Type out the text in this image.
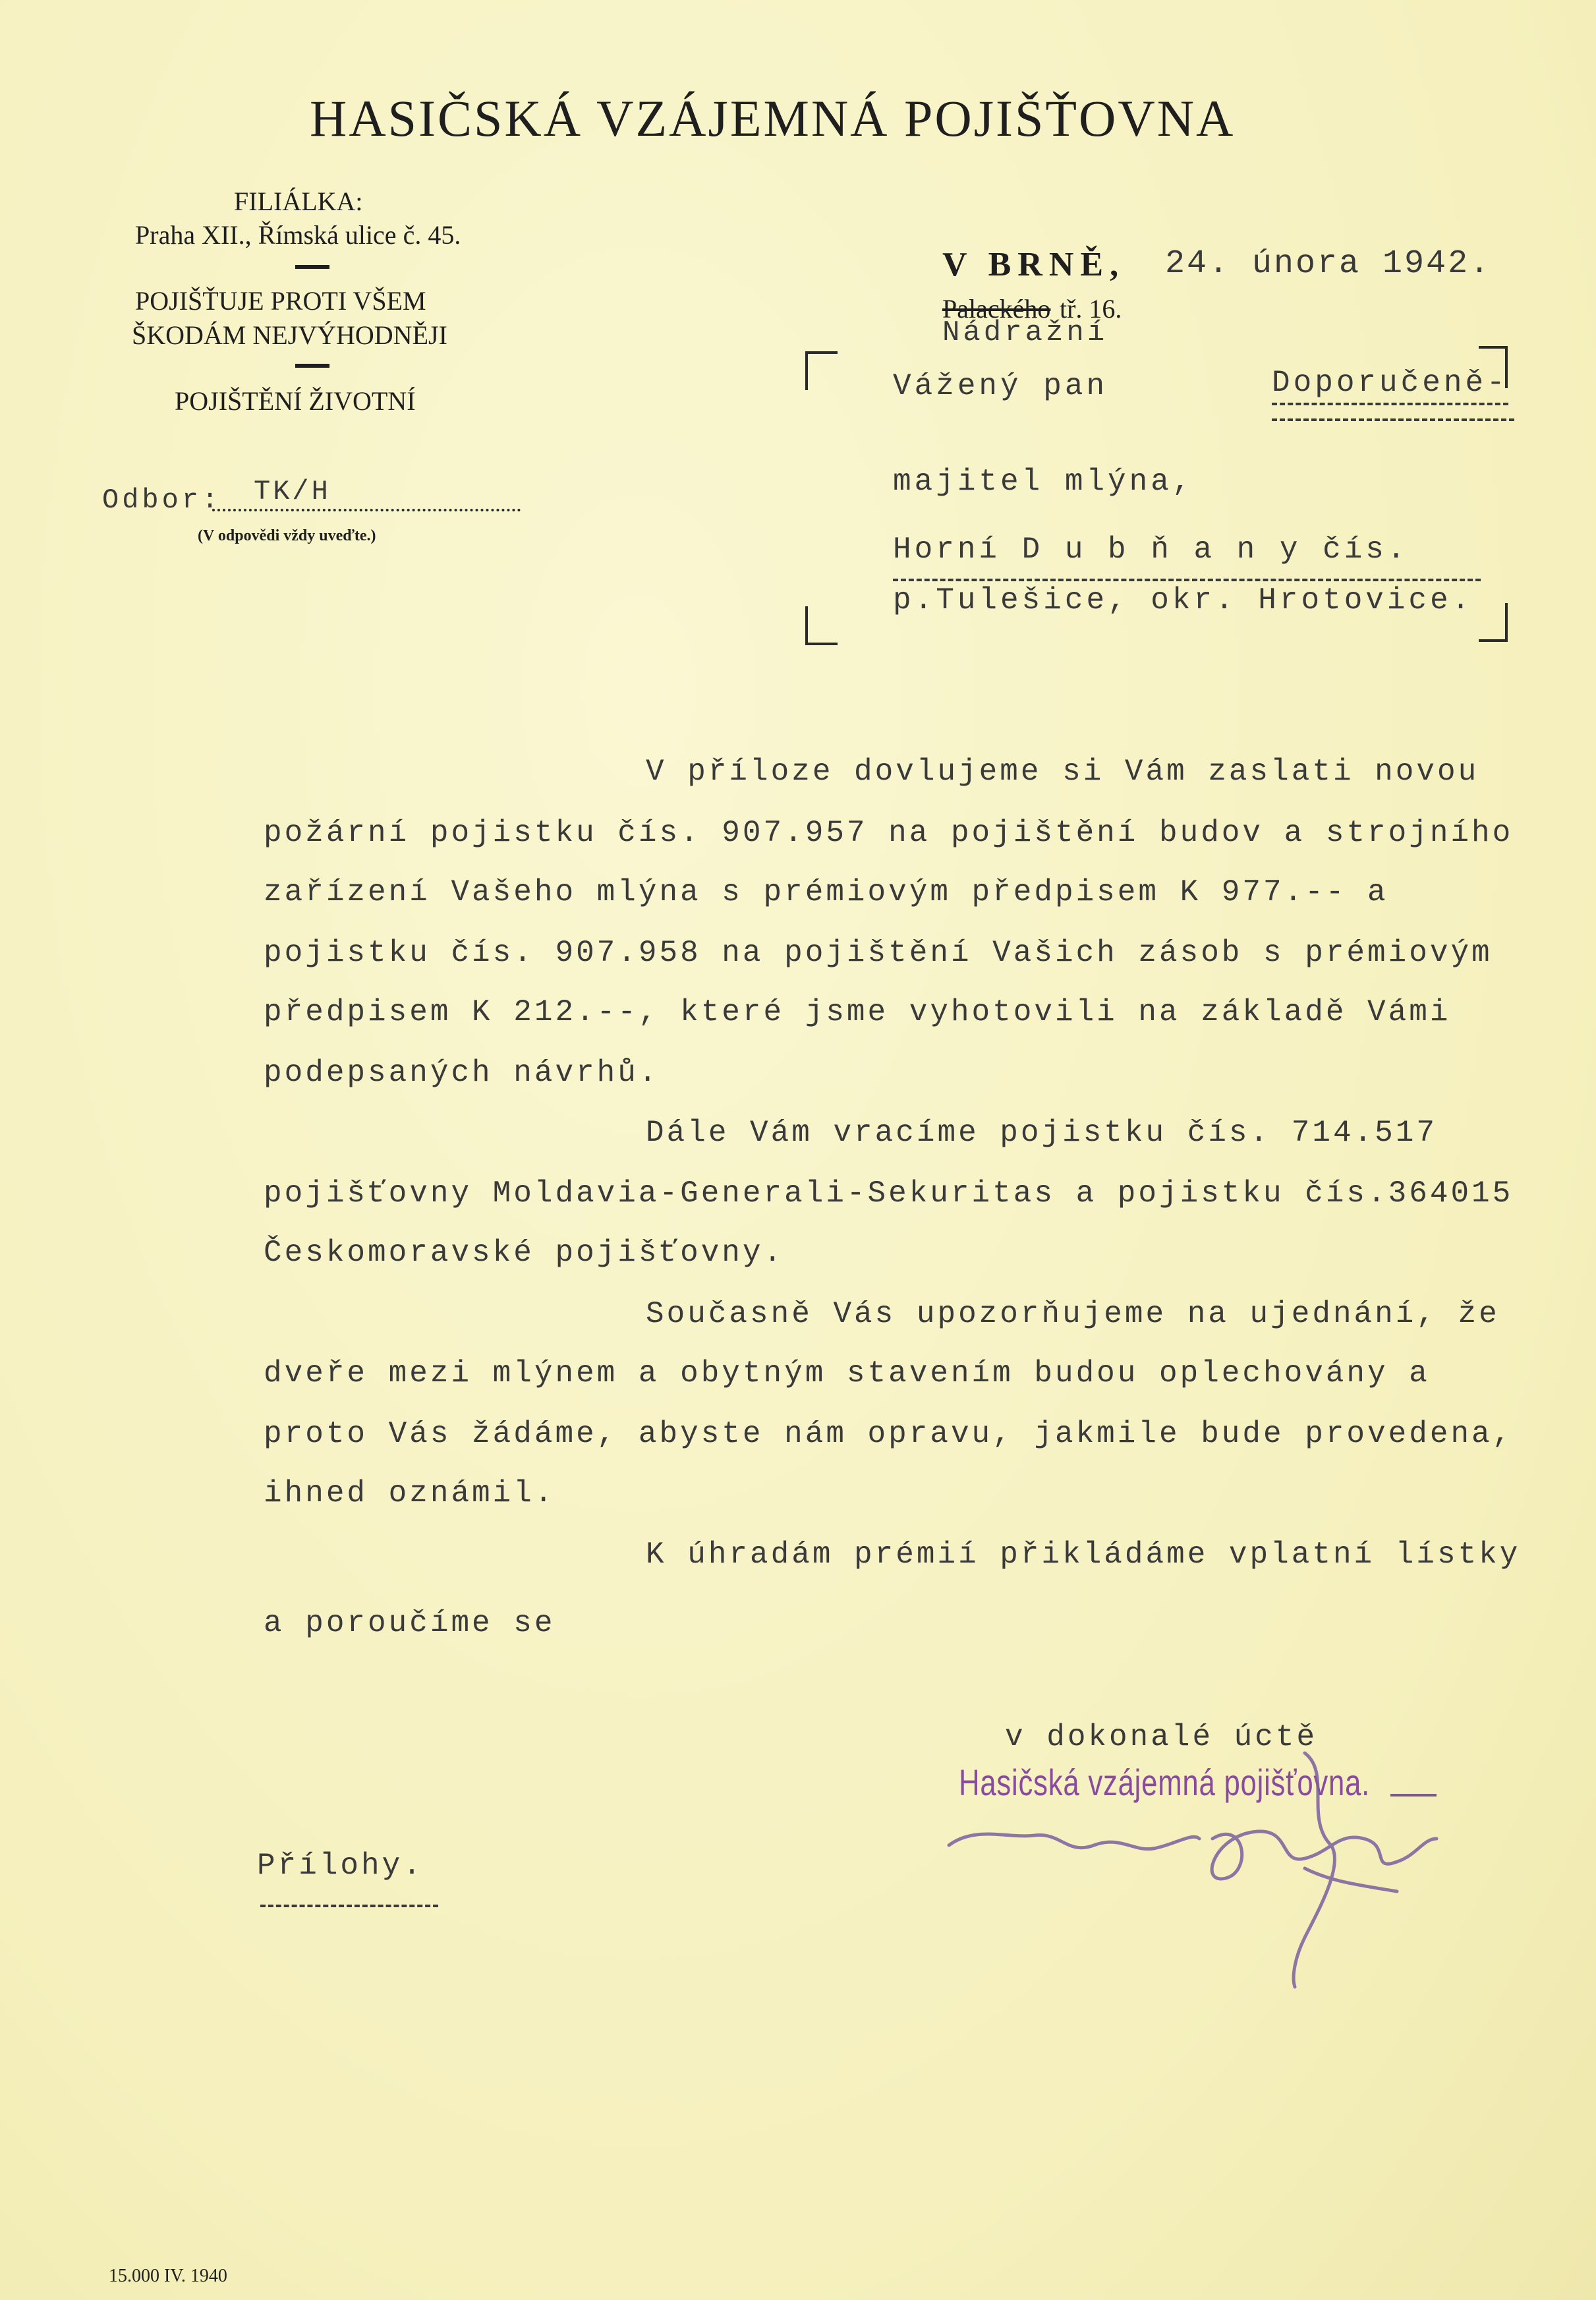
HASIČSKÁ VZÁJEMNÁ POJIŠŤOVNA
FILIÁLKA:
Praha XII., Římská ulice č. 45.
POJIŠŤUJE PROTI VŠEM
ŠKODÁM NEJVÝHODNĚJI
POJIŠTĚNÍ ŽIVOTNÍ
Odbor: TK/H
(V odpovědi vždy uveďte.)
V BRNĚ, 24. února 1942.
Palackého tř. 16.
Nádražní
Vážený pan	Doporučeně-
majitel mlýna,
Horní D u b ň a n y čís.
p.Tulešice, okr. Hrotovice.
V příloze dovlujeme si Vám zaslati novou
požární pojistku čís. 907.957 na pojištění budov a strojního
zařízení Vašeho mlýna s prémiovým předpisem K 977.-- a
pojistku čís. 907.958 na pojištění Vašich zásob s prémiovým
předpisem K 212.--, které jsme vyhotovili na základě Vámi
podepsaných návrhů.
Dále Vám vracíme pojistku čís. 714.517
pojišťovny Moldavia-Generali-Sekuritas a pojistku čís.364015
Českomoravské pojišťovny.
Současně Vás upozorňujeme na ujednání, že
dveře mezi mlýnem a obytným stavením budou oplechovány a
proto Vás žádáme, abyste nám opravu, jakmile bude provedena,
ihned oznámil.
K úhradám prémií přikládáme vplatní lístky
a poroučíme se
v dokonalé úctě
Hasičská vzájemná pojišťovna.
Přílohy.
15.000 IV. 1940
